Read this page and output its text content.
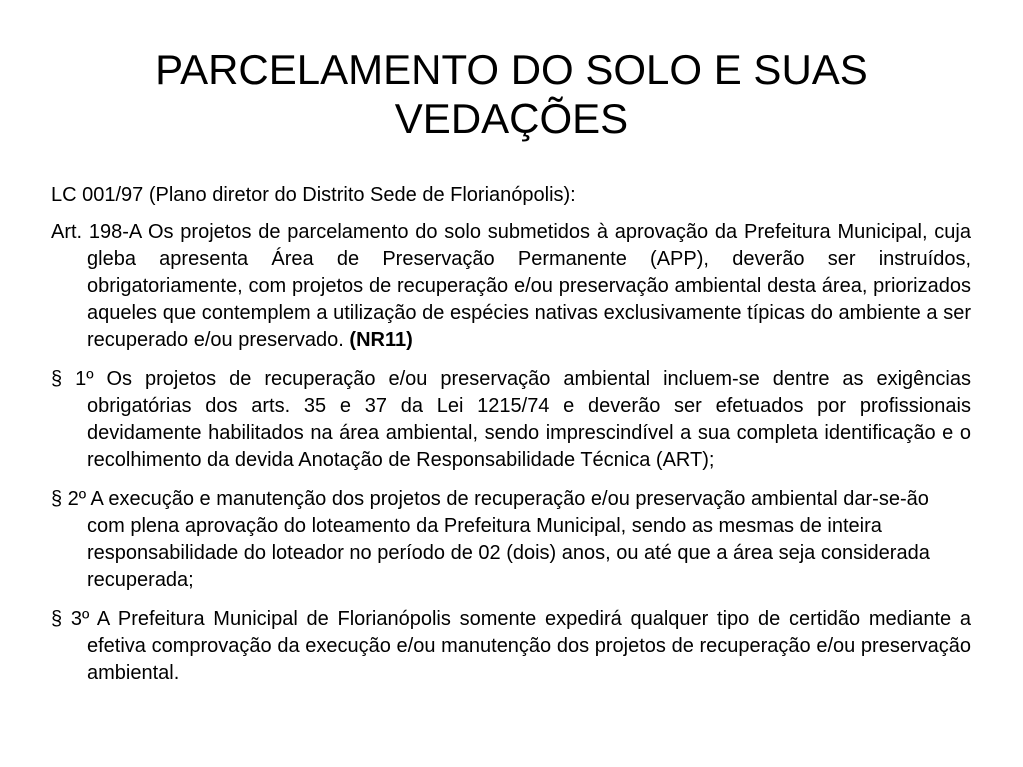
PARCELAMENTO DO SOLO E SUAS
VEDAÇÕES

LC 001/97 (Plano diretor do Distrito Sede de Florianópolis):

Art. 198-A Os projetos de parcelamento do solo submetidos à aprovação da Prefeitura Municipal, cuja gleba apresenta Área de Preservação Permanente (APP), deverão ser instruídos, obrigatoriamente, com projetos de recuperação e/ou preservação ambiental desta área, priorizados aqueles que contemplem a utilização de espécies nativas exclusivamente típicas do ambiente a ser recuperado e/ou preservado. (NR11)

§ 1º Os projetos de recuperação e/ou preservação ambiental incluem-se dentre as exigências obrigatórias dos arts. 35 e 37 da Lei 1215/74 e deverão ser efetuados por profissionais devidamente habilitados na área ambiental, sendo imprescindível a sua completa identificação e o recolhimento da devida Anotação de Responsabilidade Técnica (ART);

§ 2º A execução e manutenção dos projetos de recuperação e/ou preservação ambiental dar-se-ão com plena aprovação do loteamento da Prefeitura Municipal, sendo as mesmas de inteira responsabilidade do loteador no período de 02 (dois) anos, ou até que a área seja considerada recuperada;

§ 3º A Prefeitura Municipal de Florianópolis somente expedirá qualquer tipo de certidão mediante a efetiva comprovação da execução e/ou manutenção dos projetos de recuperação e/ou preservação ambiental.
